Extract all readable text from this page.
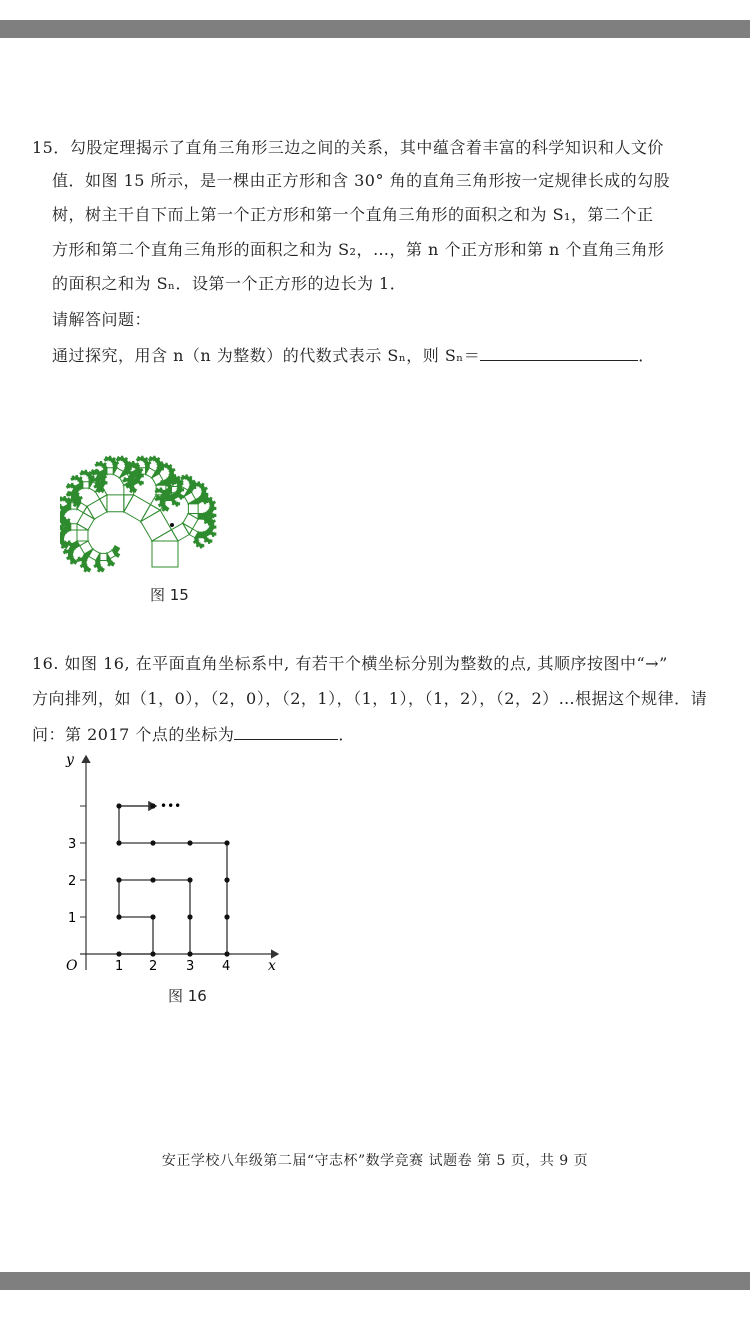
15．勾股定理揭示了直角三角形三边之间的关系，其中蕴含着丰富的科学知识和人文价
值．如图 15 所示，是一棵由正方形和含 30° 角的直角三角形按一定规律长成的勾股
树，树主干自下而上第一个正方形和第一个直角三角形的面积之和为 S₁，第二个正
方形和第二个直角三角形的面积之和为 S₂，…，第 n 个正方形和第 n 个直角三角形
的面积之和为 Sₙ．设第一个正方形的边长为 1．
请解答问题：
通过探究，用含 n（n 为整数）的代数式表示 Sₙ，则 Sₙ＝	．
图 15
16. 如图 16, 在平面直角坐标系中, 有若干个横坐标分别为整数的点, 其顺序按图中“→”
方向排列，如（1，0），（2，0），（2，1），（1，1），（1，2），（2，2）…根据这个规律．请
问：第 2017 个点的坐标为	．
y
x
O
3
2
1
1 2 3 4
•••
图 16
安正学校八年级第二届“守志杯”数学竞赛 试题卷 第 5 页，共 9 页
